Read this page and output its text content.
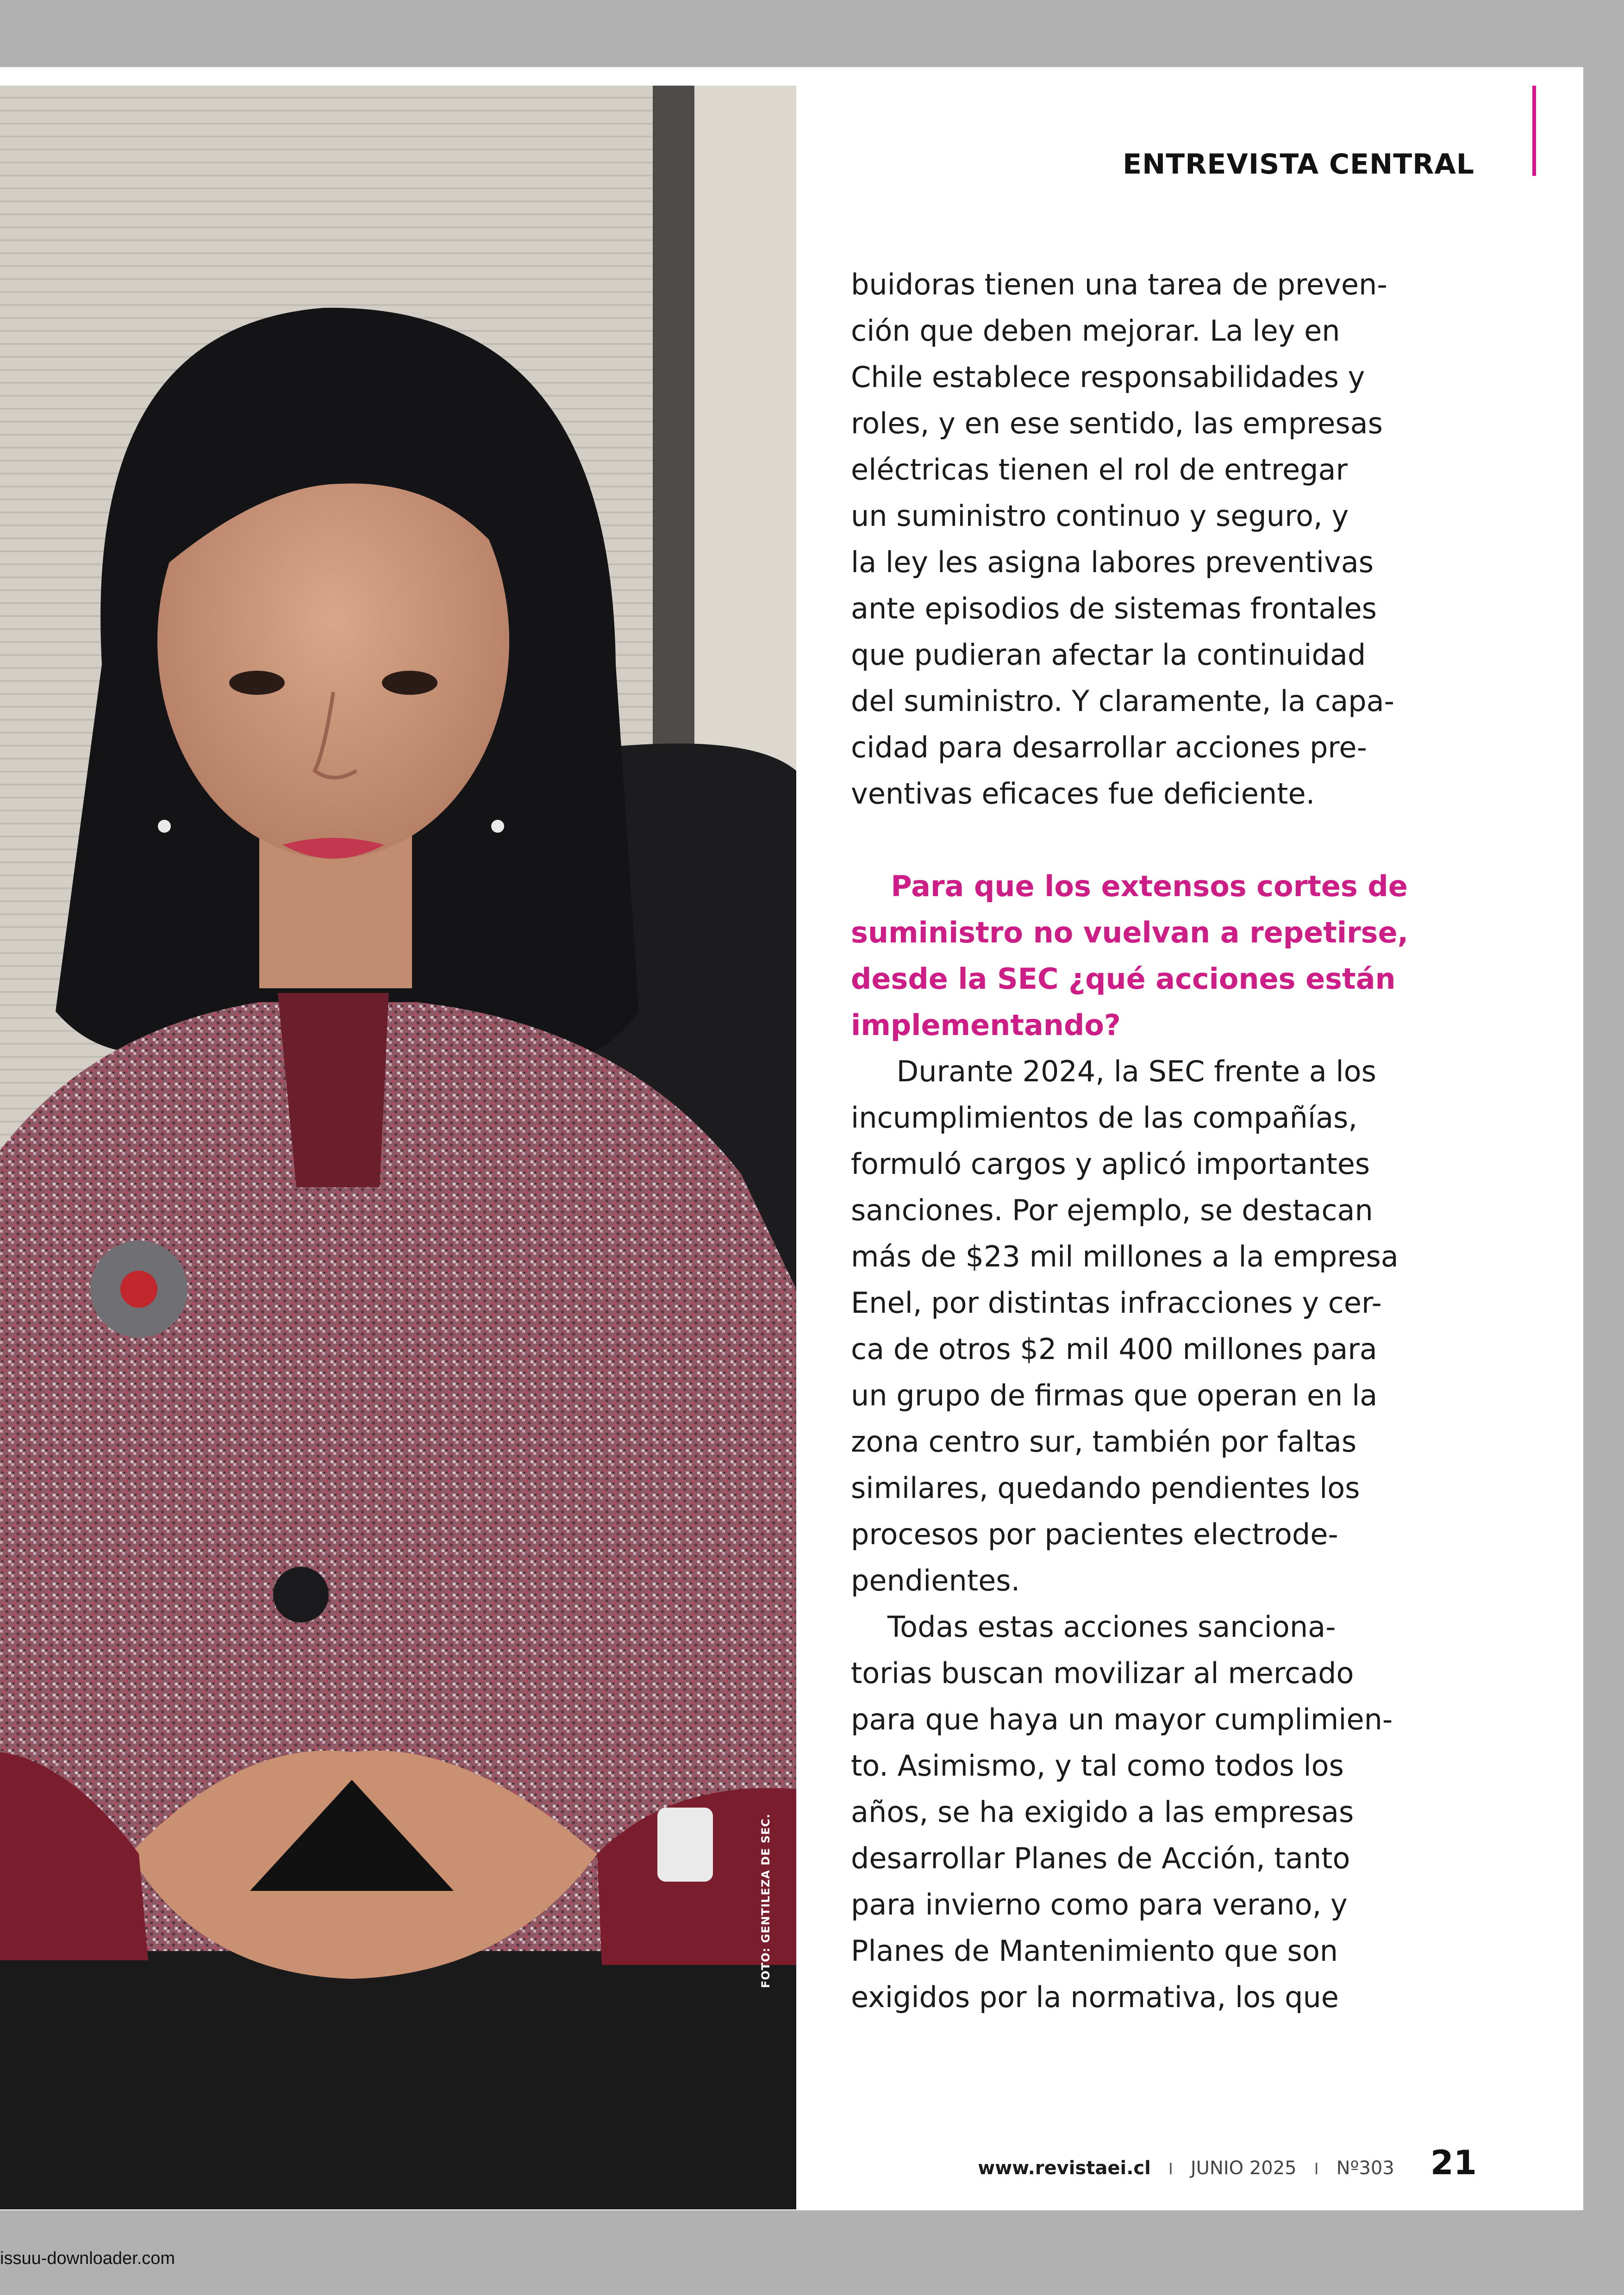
FOTO: GENTILEZA DE SEC.
ENTREVISTA CENTRAL
buidoras tienen una tarea de preven-
ción que deben mejorar. La ley en
Chile establece responsabilidades y
roles, y en ese sentido, las empresas
eléctricas tienen el rol de entregar
un suministro continuo y seguro, y
la ley les asigna labores preventivas
ante episodios de sistemas frontales
que pudieran afectar la continuidad
del suministro. Y claramente, la capa-
cidad para desarrollar acciones pre-
ventivas eficaces fue deficiente.
Para que los extensos cortes de
suministro no vuelvan a repetirse,
desde la SEC ¿qué acciones están
implementando?
Durante 2024, la SEC frente a los
incumplimientos de las compañías,
formuló cargos y aplicó importantes
sanciones. Por ejemplo, se destacan
más de $23 mil millones a la empresa
Enel, por distintas infracciones y cer-
ca de otros $2 mil 400 millones para
un grupo de firmas que operan en la
zona centro sur, también por faltas
similares, quedando pendientes los
procesos por pacientes electrode-
pendientes.
Todas estas acciones sanciona-
torias buscan movilizar al mercado
para que haya un mayor cumplimien-
to. Asimismo, y tal como todos los
años, se ha exigido a las empresas
desarrollar Planes de Acción, tanto
para invierno como para verano, y
Planes de Mantenimiento que son
exigidos por la normativa, los que
www.revistaei.cl I JUNIO 2025 I Nº303 21
issuu-downloader.com
